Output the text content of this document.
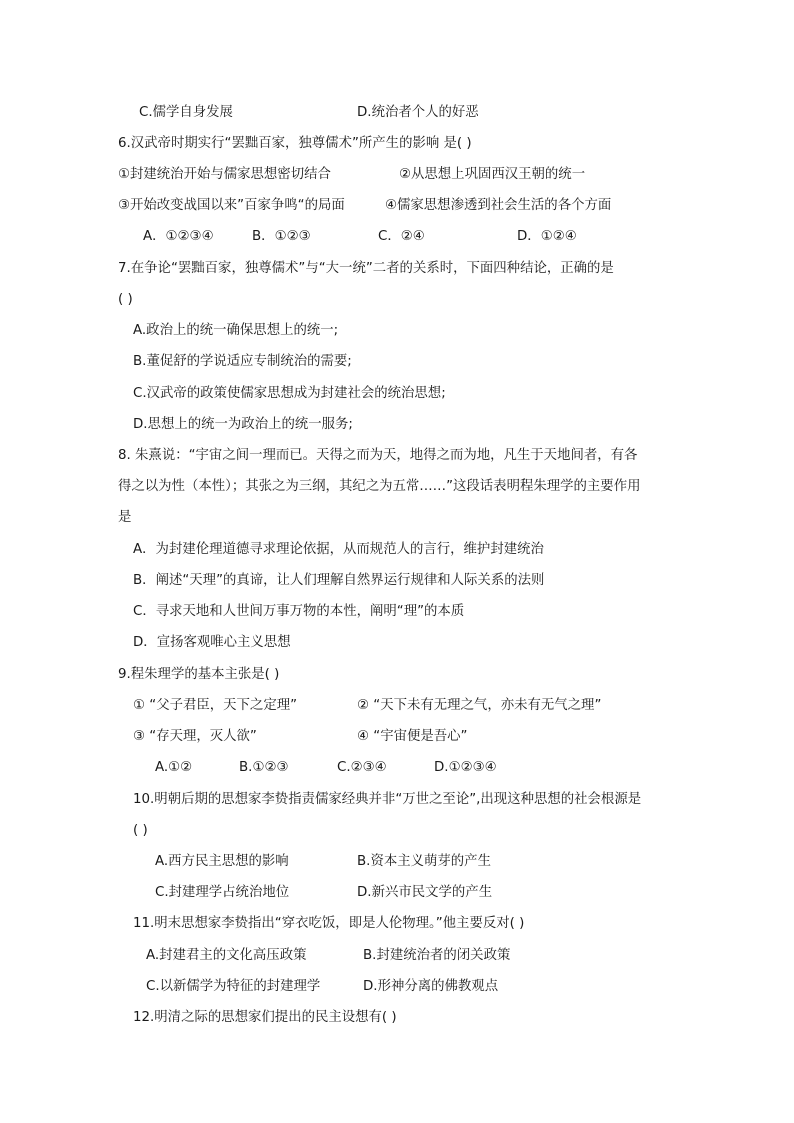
C.儒学自身发展	D.统治者个人的好恶
6.汉武帝时期实行“罢黜百家，独尊儒术”所产生的影响 是( )
①封建统治开始与儒家思想密切结合	②从思想上巩固西汉王朝的统一
③开始改变战国以来”百家争鸣“的局面	④儒家思想渗透到社会生活的各个方面
A．①②③④	B．①②③	C．②④	D．①②④
7.在争论“罢黜百家，独尊儒术”与“大一统”二者的关系时，下面四种结论，正确的是
( )
A.政治上的统一确保思想上的统一;
B.董促舒的学说适应专制统治的需要;
C.汉武帝的政策使儒家思想成为封建社会的统治思想;
D.思想上的统一为政治上的统一服务;
8. 朱熹说：“宇宙之间一理而已。天得之而为天，地得之而为地，凡生于天地间者，有各
得之以为性（本性）；其张之为三纲，其纪之为五常……”这段话表明程朱理学的主要作用
是
A．为封建伦理道德寻求理论依据，从而规范人的言行，维护封建统治
B．阐述“天理”的真谛，让人们理解自然界运行规律和人际关系的法则
C．寻求天地和人世间万事万物的本性，阐明“理”的本质
D．宣扬客观唯心主义思想
9.程朱理学的基本主张是( )
① “父子君臣，天下之定理”	② “天下未有无理之气，亦未有无气之理”
③ “存天理，灭人欲”	④ “宇宙便是吾心”
A.①②	B.①②③	C.②③④	D.①②③④
10.明朝后期的思想家李贽指责儒家经典并非“万世之至论”,出现这种思想的社会根源是
( )
A.西方民主思想的影响	B.资本主义萌芽的产生
C.封建理学占统治地位	D.新兴市民文学的产生
11.明末思想家李贽指出“穿衣吃饭，即是人伦物理。”他主要反对( )
A.封建君主的文化高压政策	B.封建统治者的闭关政策
C.以新儒学为特征的封建理学	D.形神分离的佛教观点
12.明清之际的思想家们提出的民主设想有( )
